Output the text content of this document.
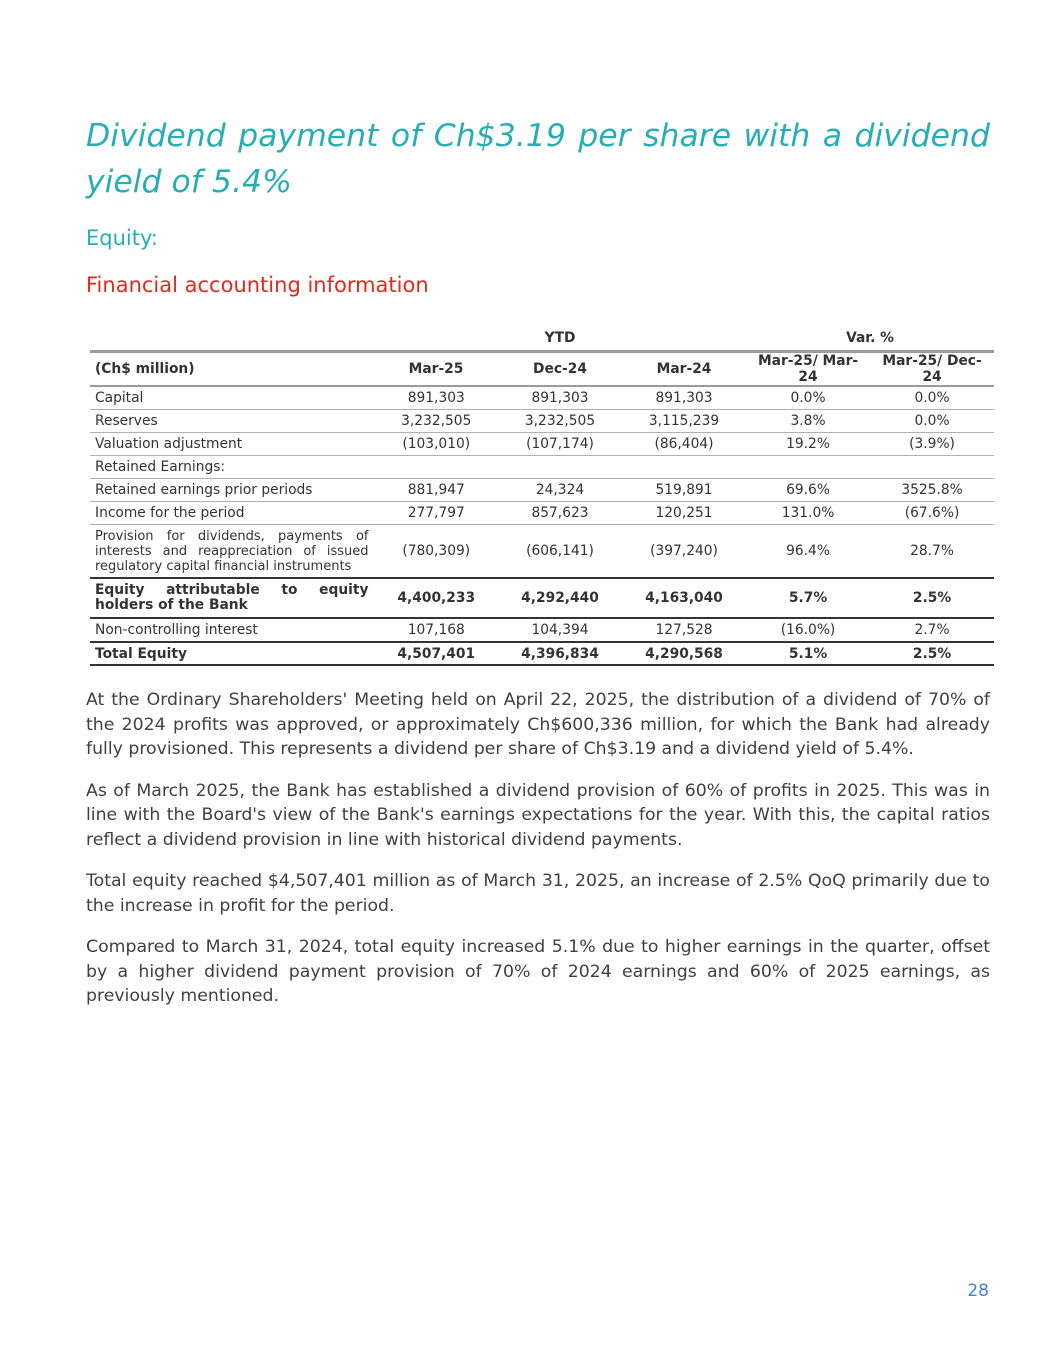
Dividend payment of Ch$3.19 per share with a dividend yield of 5.4%
Equity:
Financial accounting information
	YTD			Var. %	
(Ch$ million)	Mar-25	Dec-24	Mar-24	Mar-25/ Mar-24	Mar-25/ Dec-24
Capital	891,303	891,303	891,303	0.0%	0.0%
Reserves	3,232,505	3,232,505	3,115,239	3.8%	0.0%
Valuation adjustment	(103,010)	(107,174)	(86,404)	19.2%	(3.9%)
Retained Earnings:					
Retained earnings prior periods	881,947	24,324	519,891	69.6%	3525.8%
Income for the period	277,797	857,623	120,251	131.0%	(67.6%)
Provision for dividends, payments of interests and reappreciation of issued regulatory capital financial instruments	(780,309)	(606,141)	(397,240)	96.4%	28.7%
Equity attributable to equity holders of the Bank	4,400,233	4,292,440	4,163,040	5.7%	2.5%
Non-controlling interest	107,168	104,394	127,528	(16.0%)	2.7%
Total Equity	4,507,401	4,396,834	4,290,568	5.1%	2.5%

At the Ordinary Shareholders' Meeting held on April 22, 2025, the distribution of a dividend of 70% of the 2024 profits was approved, or approximately Ch$600,336 million, for which the Bank had already fully provisioned. This represents a dividend per share of Ch$3.19 and a dividend yield of 5.4%.

As of March 2025, the Bank has established a dividend provision of 60% of profits in 2025. This was in line with the Board's view of the Bank's earnings expectations for the year. With this, the capital ratios reflect a dividend provision in line with historical dividend payments.

Total equity reached $4,507,401 million as of March 31, 2025, an increase of 2.5% QoQ primarily due to the increase in profit for the period.

Compared to March 31, 2024, total equity increased 5.1% due to higher earnings in the quarter, offset by a higher dividend payment provision of 70% of 2024 earnings and 60% of 2025 earnings, as previously mentioned.

28
